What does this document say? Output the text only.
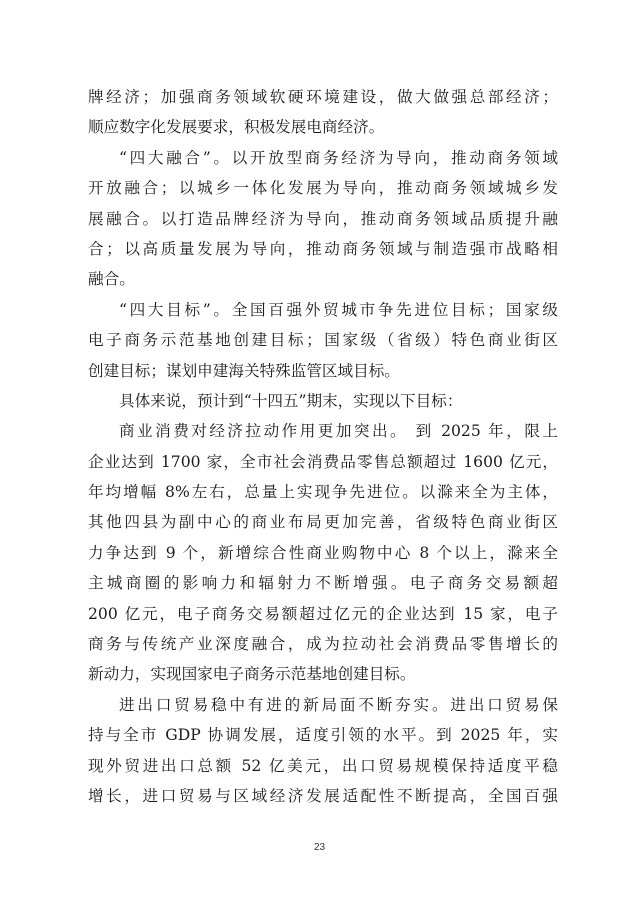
牌经济；加强商务领域软硬环境建设，做大做强总部经济；
顺应数字化发展要求，积极发展电商经济。
“四大融合”。以开放型商务经济为导向，推动商务领域
开放融合；以城乡一体化发展为导向，推动商务领域城乡发
展融合。以打造品牌经济为导向，推动商务领域品质提升融
合；以高质量发展为导向，推动商务领域与制造强市战略相
融合。
“四大目标”。全国百强外贸城市争先进位目标；国家级
电子商务示范基地创建目标；国家级（省级）特色商业街区
创建目标；谋划申建海关特殊监管区域目标。
具体来说，预计到“十四五”期末，实现以下目标：
商业消费对经济拉动作用更加突出。 到 2025 年，限上
企业达到 1700 家，全市社会消费品零售总额超过 1600 亿元，
年均增幅 8%左右，总量上实现争先进位。以滁来全为主体，
其他四县为副中心的商业布局更加完善，省级特色商业街区
力争达到 9 个，新增综合性商业购物中心 8 个以上，滁来全
主城商圈的影响力和辐射力不断增强。电子商务交易额超
200 亿元，电子商务交易额超过亿元的企业达到 15 家，电子
商务与传统产业深度融合，成为拉动社会消费品零售增长的
新动力，实现国家电子商务示范基地创建目标。
进出口贸易稳中有进的新局面不断夯实。进出口贸易保
持与全市 GDP 协调发展，适度引领的水平。到 2025 年，实
现外贸进出口总额 52 亿美元，出口贸易规模保持适度平稳
增长，进口贸易与区域经济发展适配性不断提高，全国百强
23
